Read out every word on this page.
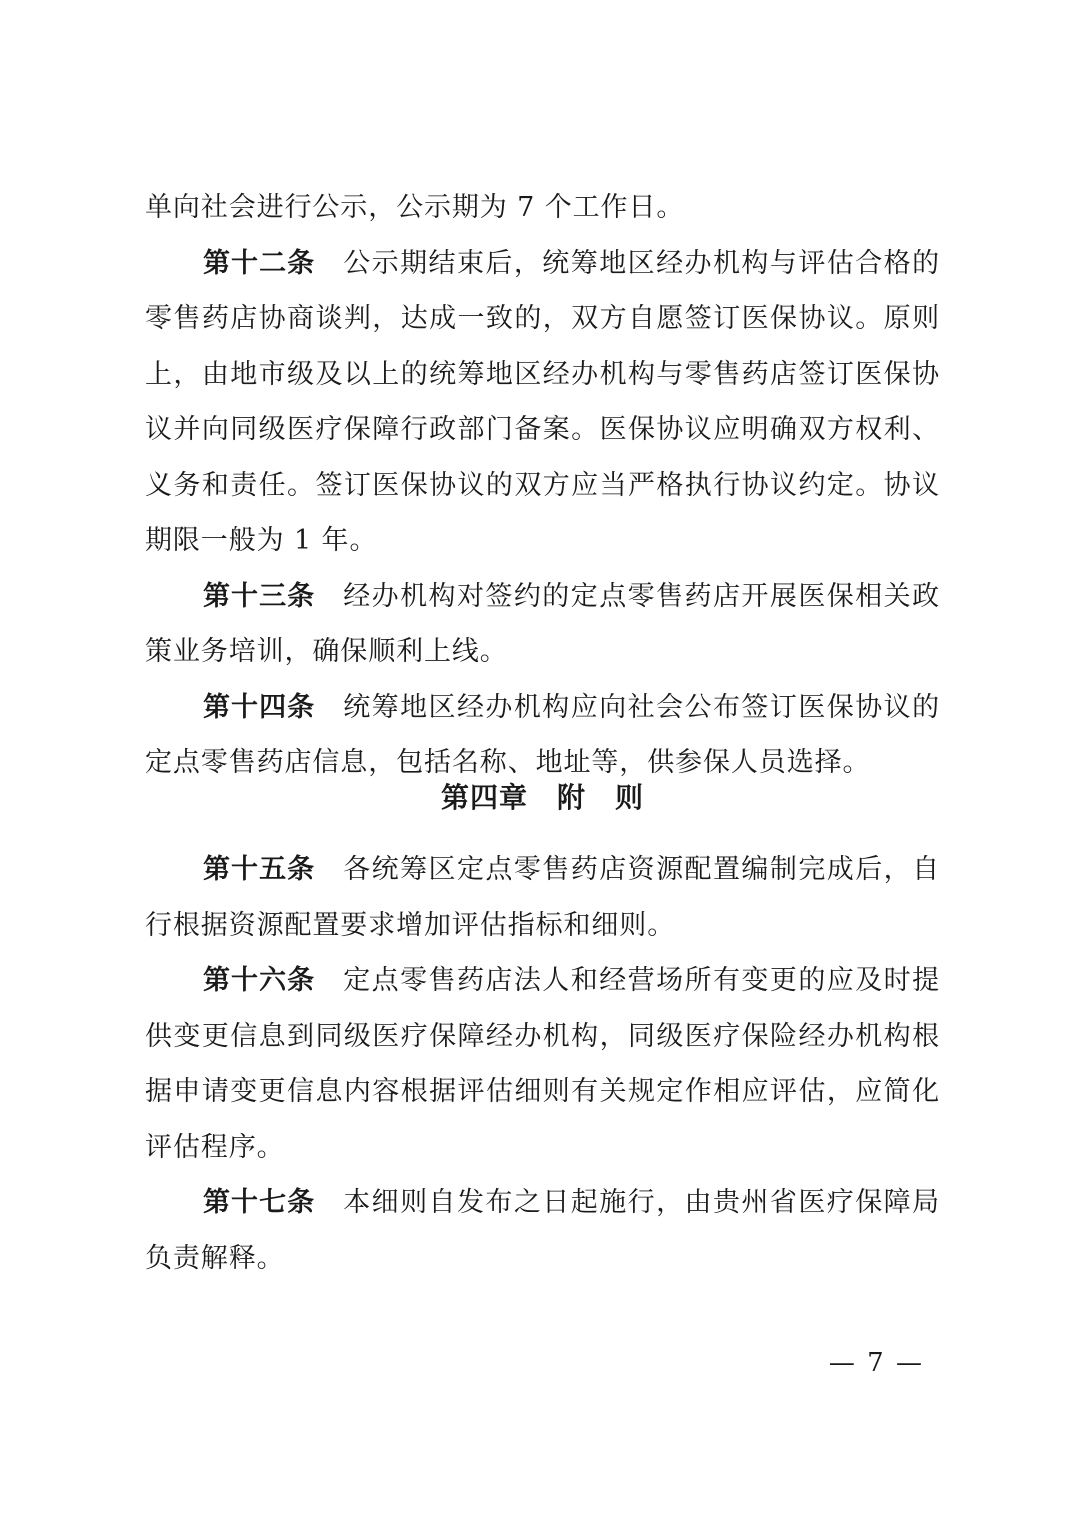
单向社会进行公示，公示期为 7 个工作日。

第十二条 公示期结束后，统筹地区经办机构与评估合格的零售药店协商谈判，达成一致的，双方自愿签订医保协议。原则上，由地市级及以上的统筹地区经办机构与零售药店签订医保协议并向同级医疗保障行政部门备案。医保协议应明确双方权利、义务和责任。签订医保协议的双方应当严格执行协议约定。协议期限一般为 1 年。

第十三条 经办机构对签约的定点零售药店开展医保相关政策业务培训，确保顺利上线。

第十四条 统筹地区经办机构应向社会公布签订医保协议的定点零售药店信息，包括名称、地址等，供参保人员选择。

第四章　附　则

第十五条 各统筹区定点零售药店资源配置编制完成后，自行根据资源配置要求增加评估指标和细则。

第十六条 定点零售药店法人和经营场所有变更的应及时提供变更信息到同级医疗保障经办机构，同级医疗保险经办机构根据申请变更信息内容根据评估细则有关规定作相应评估，应简化评估程序。

第十七条 本细则自发布之日起施行，由贵州省医疗保障局负责解释。

— 7 —
